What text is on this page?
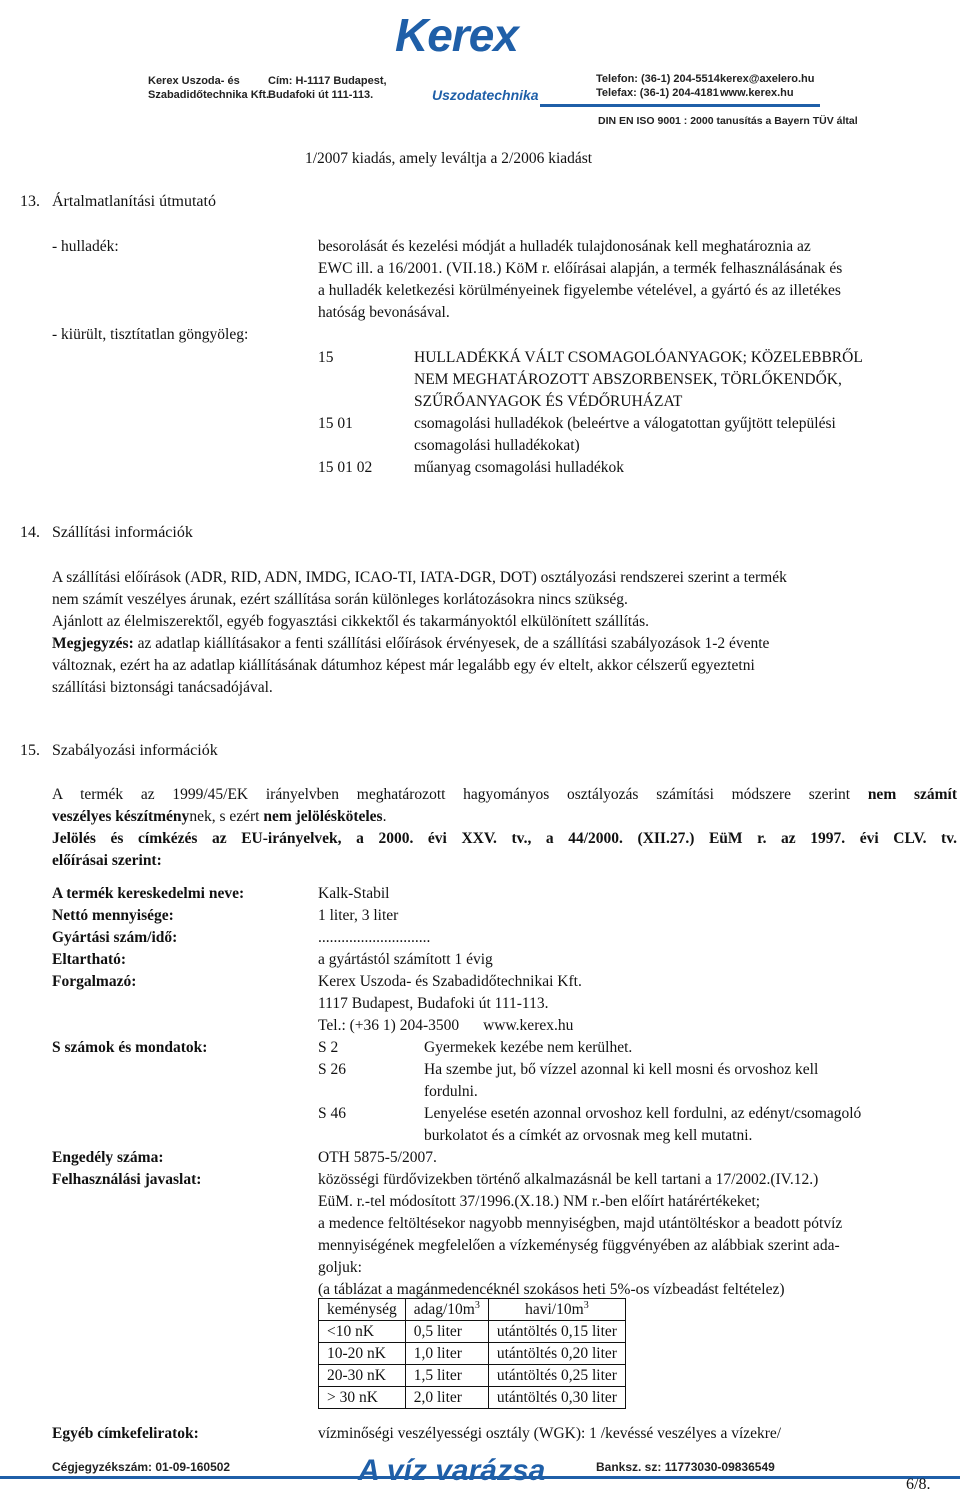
Kerex
Uszodatechnika
Kerex Uszoda- és
Szabadidőtechnika Kft.
Cím: H-1117 Budapest,
Budafoki út 111-113.
Telefon: (36-1) 204-5514
Telefax: (36-1) 204-4181
kerex@axelero.hu
www.kerex.hu
DIN EN ISO 9001 : 2000 tanusítás a Bayern TÜV által
1/2007 kiadás, amely leváltja a 2/2006 kiadást
13.   Ártalmatlanítási útmutató
- hulladék:	besorolását és kezelési módját a hulladék tulajdonosának kell meghatároznia az
EWC ill. a 16/2001. (VII.18.) KöM r. előírásai alapján, a termék felhasználásának és
a hulladék keletkezési körülményeinek figyelembe vételével, a gyártó és az illetékes
hatóság bevonásával.
- kiürült, tisztítatlan göngyöleg:
15	HULLADÉKKÁ VÁLT CSOMAGOLÓANYAGOK; KÖZELEBBRŐL
NEM MEGHATÁROZOTT ABSZORBENSEK, TÖRLŐKENDŐK,
SZŰRŐANYAGOK ÉS VÉDŐRUHÁZAT
15 01	csomagolási hulladékok (beleértve a válogatottan gyűjtött települési
csomagolási hulladékokat)
15 01 02	műanyag csomagolási hulladékok
14. Szállítási információk
A szállítási előírások (ADR, RID, ADN, IMDG, ICAO-TI, IATA-DGR, DOT) osztályozási rendszerei szerint a termék
nem számít veszélyes árunak, ezért szállítása során különleges korlátozásokra nincs szükség.
Ajánlott az élelmiszerektől, egyéb fogyasztási cikkektől és takarmányoktól elkülönített szállítás.
Megjegyzés: az adatlap kiállításakor a fenti szállítási előírások érvényesek, de a szállítási szabályozások 1-2 évente
változnak, ezért ha az adatlap kiállításának dátumhoz képest már legalább egy év eltelt, akkor célszerű egyeztetni
szállítási biztonsági tanácsadójával.
15. Szabályozási információk
A termék az 1999/45/EK irányelvben meghatározott hagyományos osztályozás számítási módszere szerint nem számít
veszélyes készítménynek, s ezért nem jelölésköteles.
Jelölés és címkézés az EU-irányelvek, a 2000. évi XXV. tv., a 44/2000. (XII.27.) EüM r. az 1997. évi CLV. tv.
előírásai szerint:
A termék kereskedelmi neve:	Kalk-Stabil
Nettó mennyisége:	1 liter, 3 liter
Gyártási szám/idő:	.............................
Eltartható:	a gyártástól számított 1 évig
Forgalmazó:	Kerex Uszoda- és Szabadidőtechnikai Kft.
1117 Budapest, Budafoki út 111-113.
Tel.: (+36 1) 204-3500 www.kerex.hu
S számok és mondatok:	S 2	Gyermekek kezébe nem kerülhet.
S 26	Ha szembe jut, bő vízzel azonnal ki kell mosni és orvoshoz kell
fordulni.
S 46	Lenyelése esetén azonnal orvoshoz kell fordulni, az edényt/csomagoló
burkolatot és a címkét az orvosnak meg kell mutatni.
Engedély száma:	OTH 5875-5/2007.
Felhasználási javaslat:	közösségi fürdővizekben történő alkalmazásnál be kell tartani a 17/2002.(IV.12.)
EüM. r.-tel módosított 37/1996.(X.18.) NM r.-ben előírt határértékeket;
a medence feltöltésekor nagyobb mennyiségben, majd utántöltéskor a beadott pótvíz
mennyiségének megfelelően a vízkeménység függvényében az alábbiak szerint ada-
goljuk:
(a táblázat a magánmedencéknél szokásos heti 5%-os vízbeadást feltételez)
keménység	adag/$10m^3$	havi/$10m^3$
<10 nK	0,5 liter	utántöltés 0,15 liter
10-20 nK	1,0 liter	utántöltés 0,20 liter
20-30 nK	1,5 liter	utántöltés 0,25 liter
> 30 nK	2,0 liter	utántöltés 0,30 liter
Egyéb címkefeliratok:	vízminőségi veszélyességi osztály (WGK): 1 /kevéssé veszélyes a vízekre/
Cégjegyzékszám: 01-09-160502	A víz varázsa	Banksz. sz: 11773030-09836549
6/8.
